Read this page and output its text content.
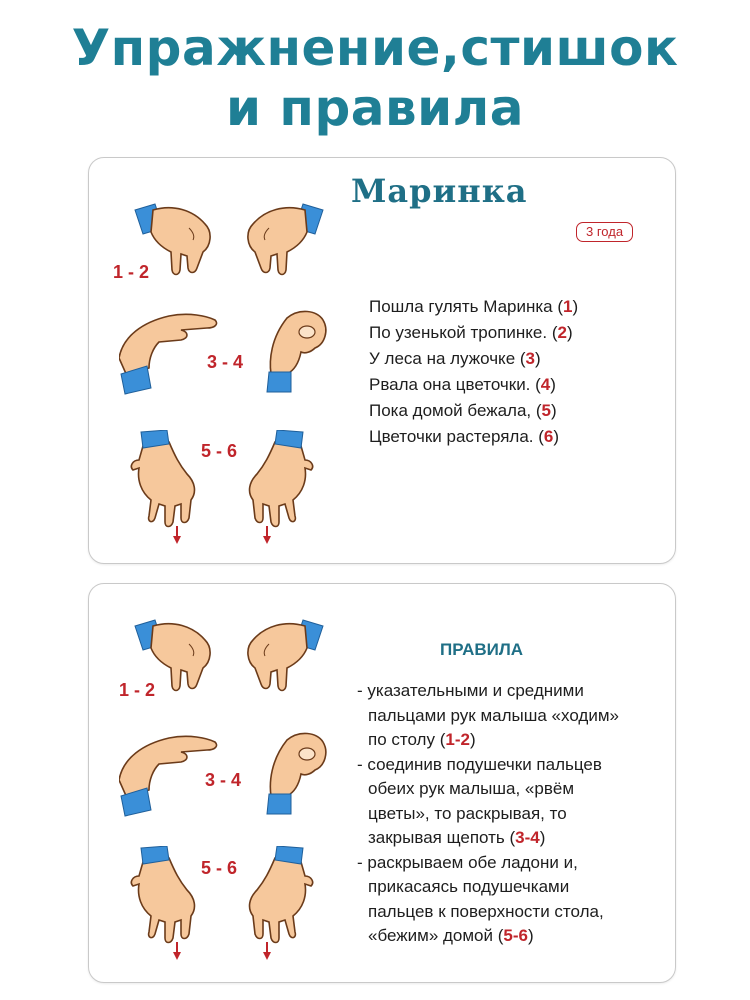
Упражнение,стишок
и правила
1 - 2
3 - 4
5 - 6
Маринка
3 года
Пошла гулять Маринка (1)
По узенькой тропинке. (2)
У леса на лужочке (3)
Рвала она цветочки. (4)
Пока домой бежала, (5)
Цветочки растеряла. (6)
1 - 2
3 - 4
5 - 6
ПРАВИЛА
- указательными и средними
пальцами рук малыша «ходим»
по столу (1-2)
- соединив подушечки пальцев
обеих рук малыша, «рвём
цветы», то раскрывая, то
закрывая щепоть (3-4)
- раскрываем обе ладони и,
прикасаясь подушечками
пальцев к поверхности стола,
«бежим» домой (5-6)
